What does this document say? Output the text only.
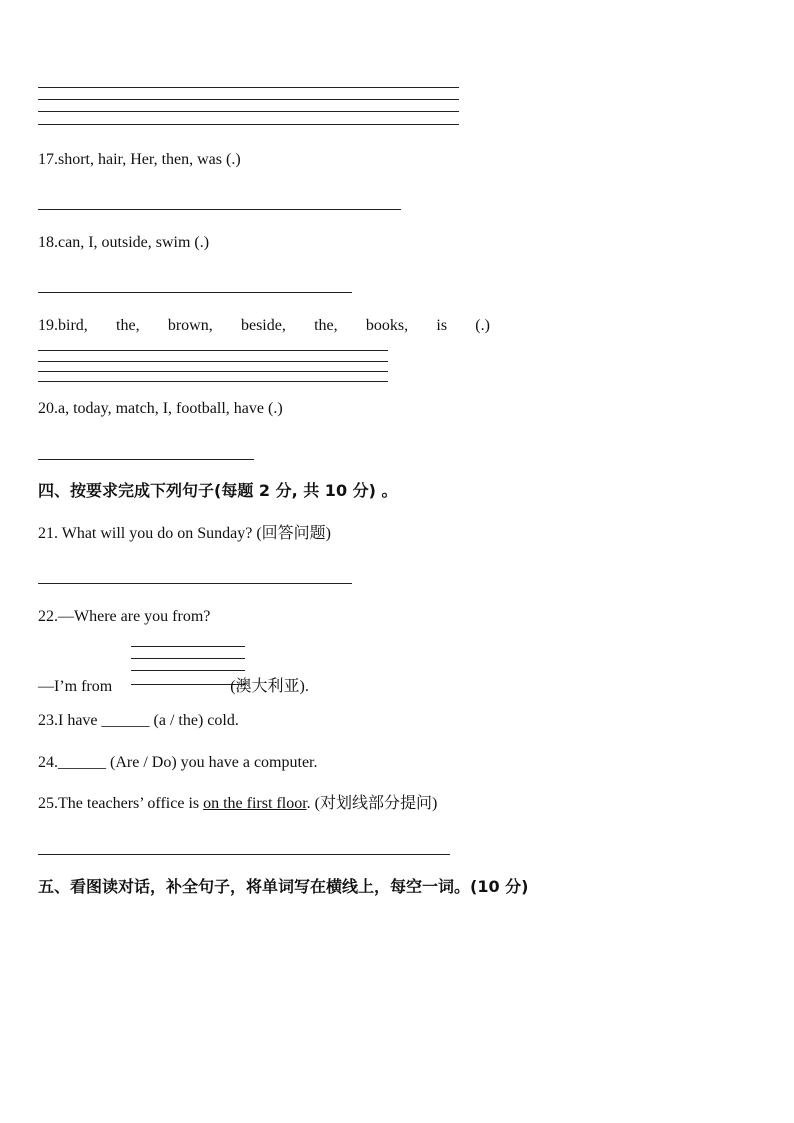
17.short, hair, Her, then, was (.)
18.can, I, outside, swim (.)
19.bird, the, brown, beside, the, books, is (.)
20.a, today, match, I, football, have (.)
四、按要求完成下列句子(每题 2 分, 共 10 分) 。
21. What will you do on Sunday? (回答问题)
22.—Where are you from?
—I’m from	(澳大利亚).
23.I have ______ (a / the) cold.
24.______ (Are / Do) you have a computer.
25.The teachers’ office is on the first floor. (对划线部分提问)
五、看图读对话，补全句子，将单词写在横线上，每空一词。(10 分)
